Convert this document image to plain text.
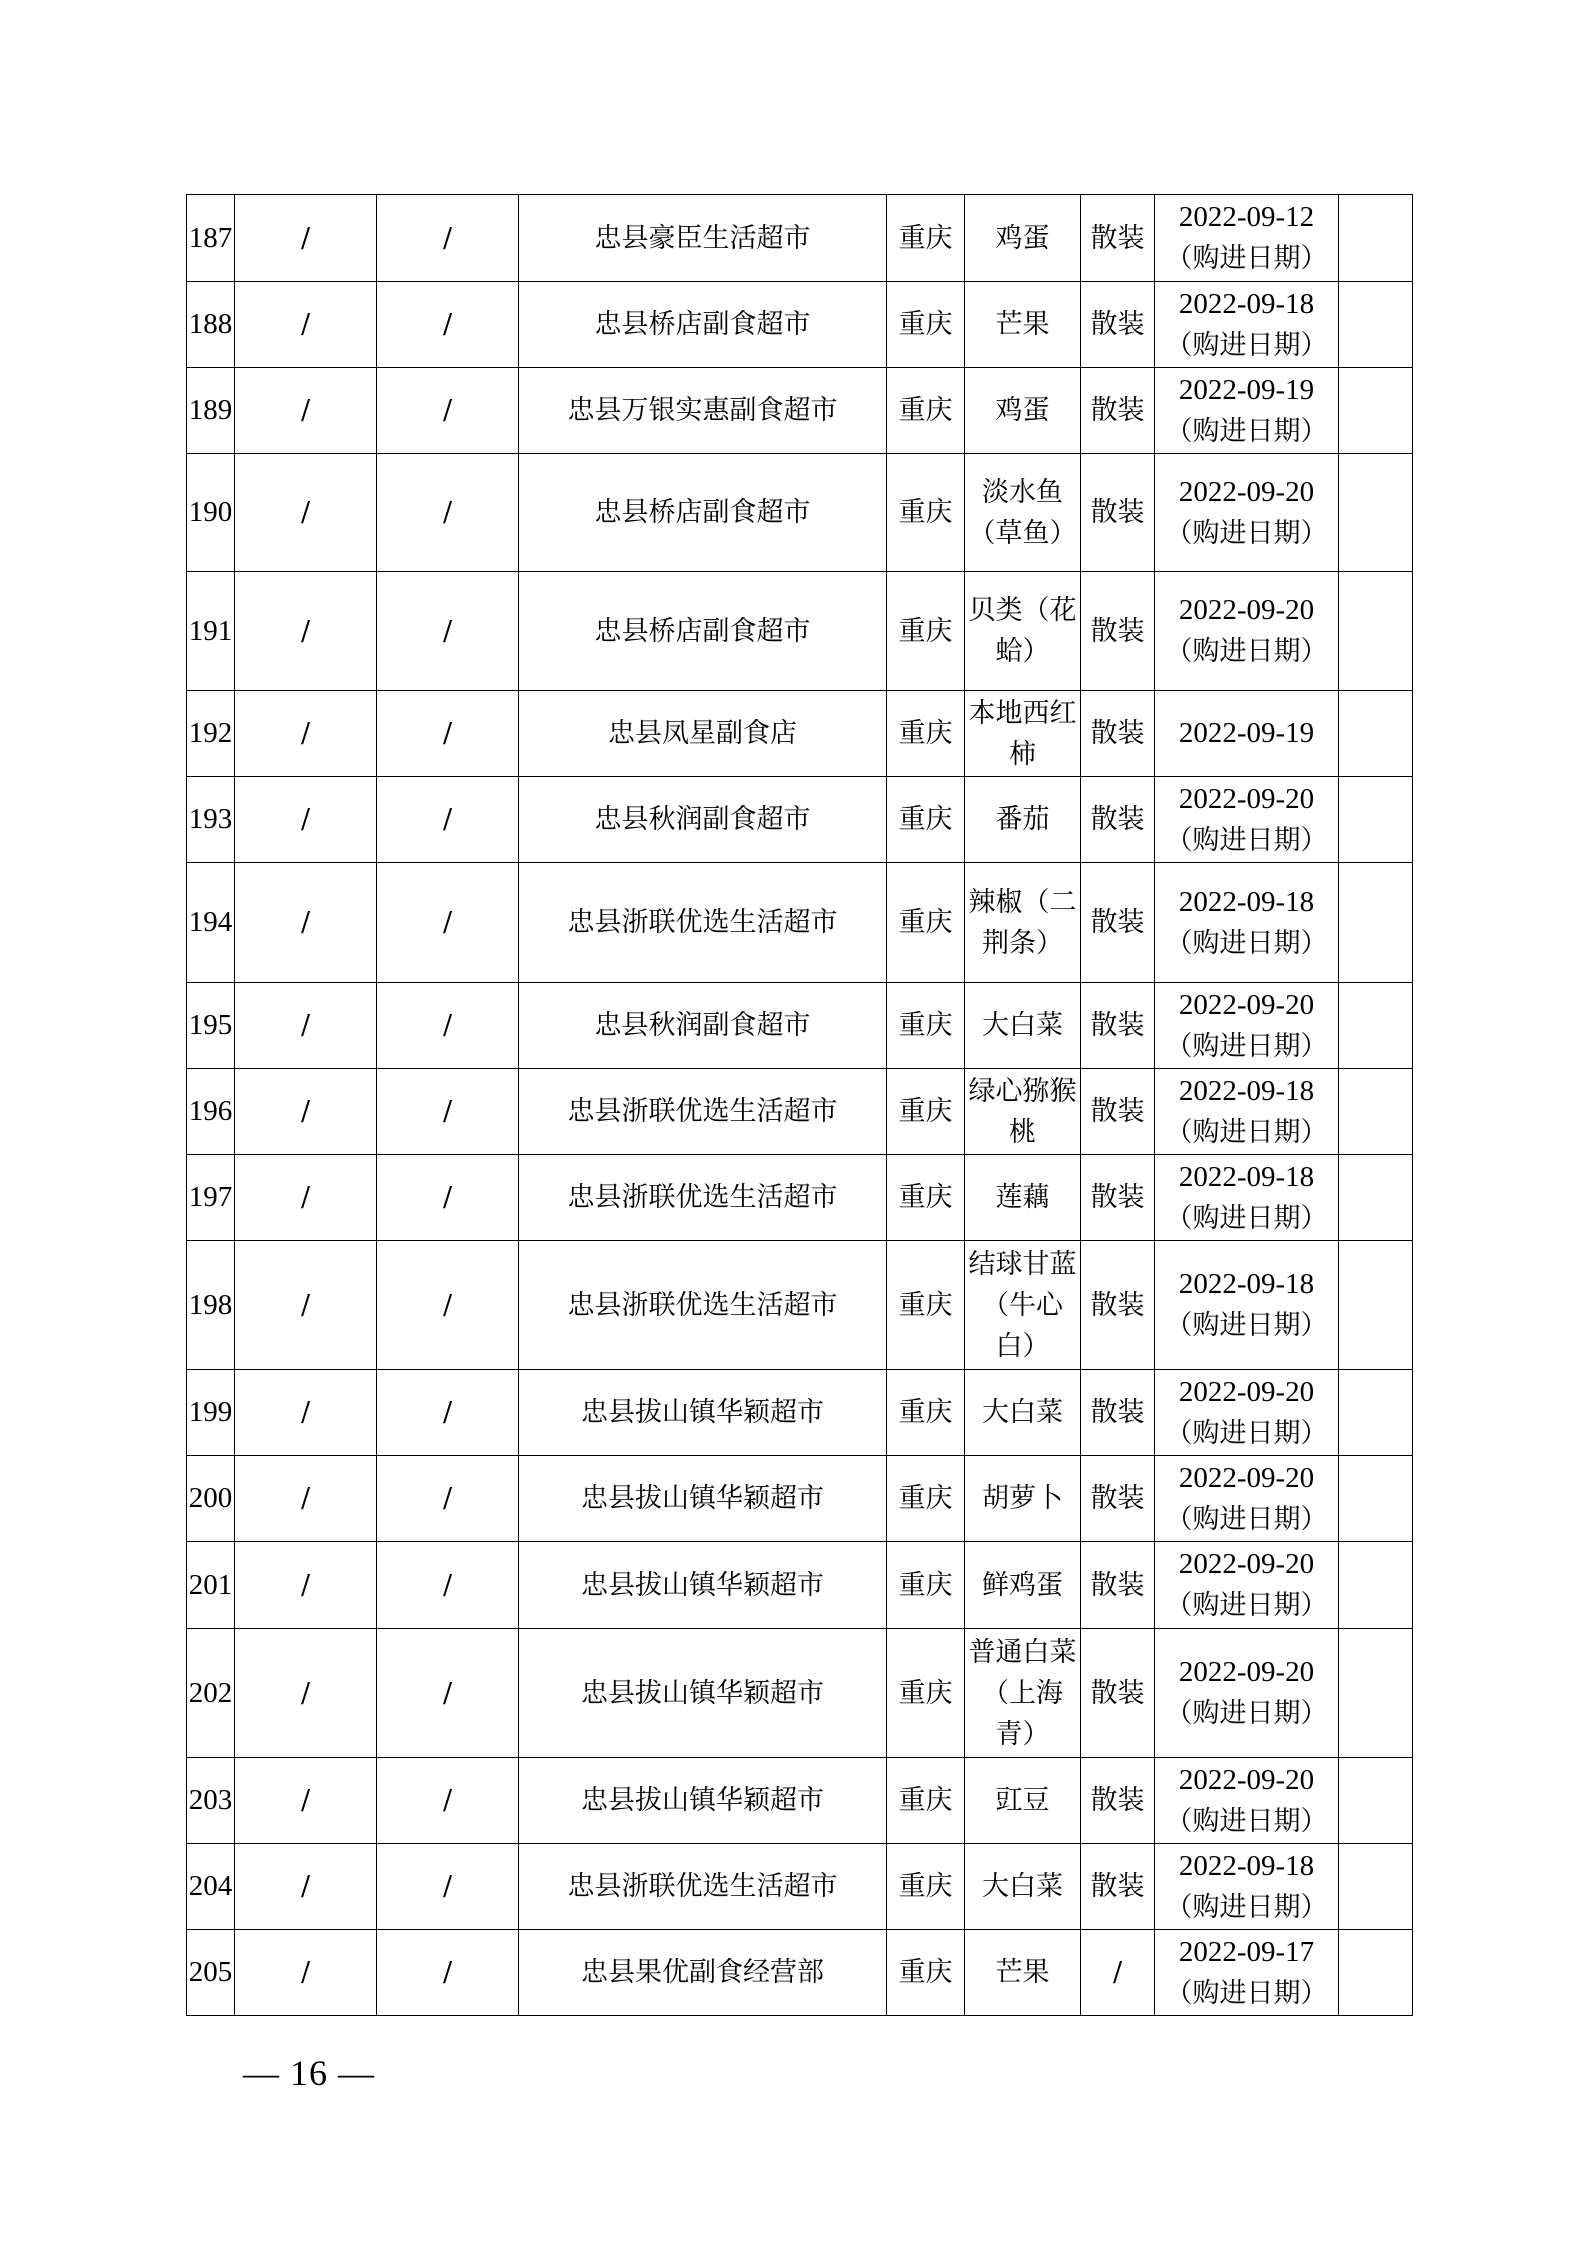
187	/	/	忠县豪臣生活超市	重庆	鸡蛋	散装	2022-09-12
（购进日期）	

188	/	/	忠县桥店副食超市	重庆	芒果	散装	2022-09-18
（购进日期）	

189	/	/	忠县万银实惠副食超市	重庆	鸡蛋	散装	2022-09-19
（购进日期）	

190	/	/	忠县桥店副食超市	重庆	淡水鱼（草鱼）	散装	2022-09-20
（购进日期）	

191	/	/	忠县桥店副食超市	重庆	贝类（花蛤）	散装	2022-09-20
（购进日期）	

192	/	/	忠县凤星副食店	重庆	本地西红柿	散装	2022-09-19	

193	/	/	忠县秋润副食超市	重庆	番茄	散装	2022-09-20
（购进日期）	

194	/	/	忠县浙联优选生活超市	重庆	辣椒（二荆条）	散装	2022-09-18
（购进日期）	

195	/	/	忠县秋润副食超市	重庆	大白菜	散装	2022-09-20
（购进日期）	

196	/	/	忠县浙联优选生活超市	重庆	绿心猕猴桃	散装	2022-09-18
（购进日期）	

197	/	/	忠县浙联优选生活超市	重庆	莲藕	散装	2022-09-18
（购进日期）	

198	/	/	忠县浙联优选生活超市	重庆	结球甘蓝（牛心白）	散装	2022-09-18
（购进日期）	

199	/	/	忠县拔山镇华颖超市	重庆	大白菜	散装	2022-09-20
（购进日期）	

200	/	/	忠县拔山镇华颖超市	重庆	胡萝卜	散装	2022-09-20
（购进日期）	

201	/	/	忠县拔山镇华颖超市	重庆	鲜鸡蛋	散装	2022-09-20
（购进日期）	

202	/	/	忠县拔山镇华颖超市	重庆	普通白菜（上海青）	散装	2022-09-20
（购进日期）	

203	/	/	忠县拔山镇华颖超市	重庆	豇豆	散装	2022-09-20
（购进日期）	

204	/	/	忠县浙联优选生活超市	重庆	大白菜	散装	2022-09-18
（购进日期）	

205	/	/	忠县果优副食经营部	重庆	芒果	/	2022-09-17
（购进日期）	

— 16 —
